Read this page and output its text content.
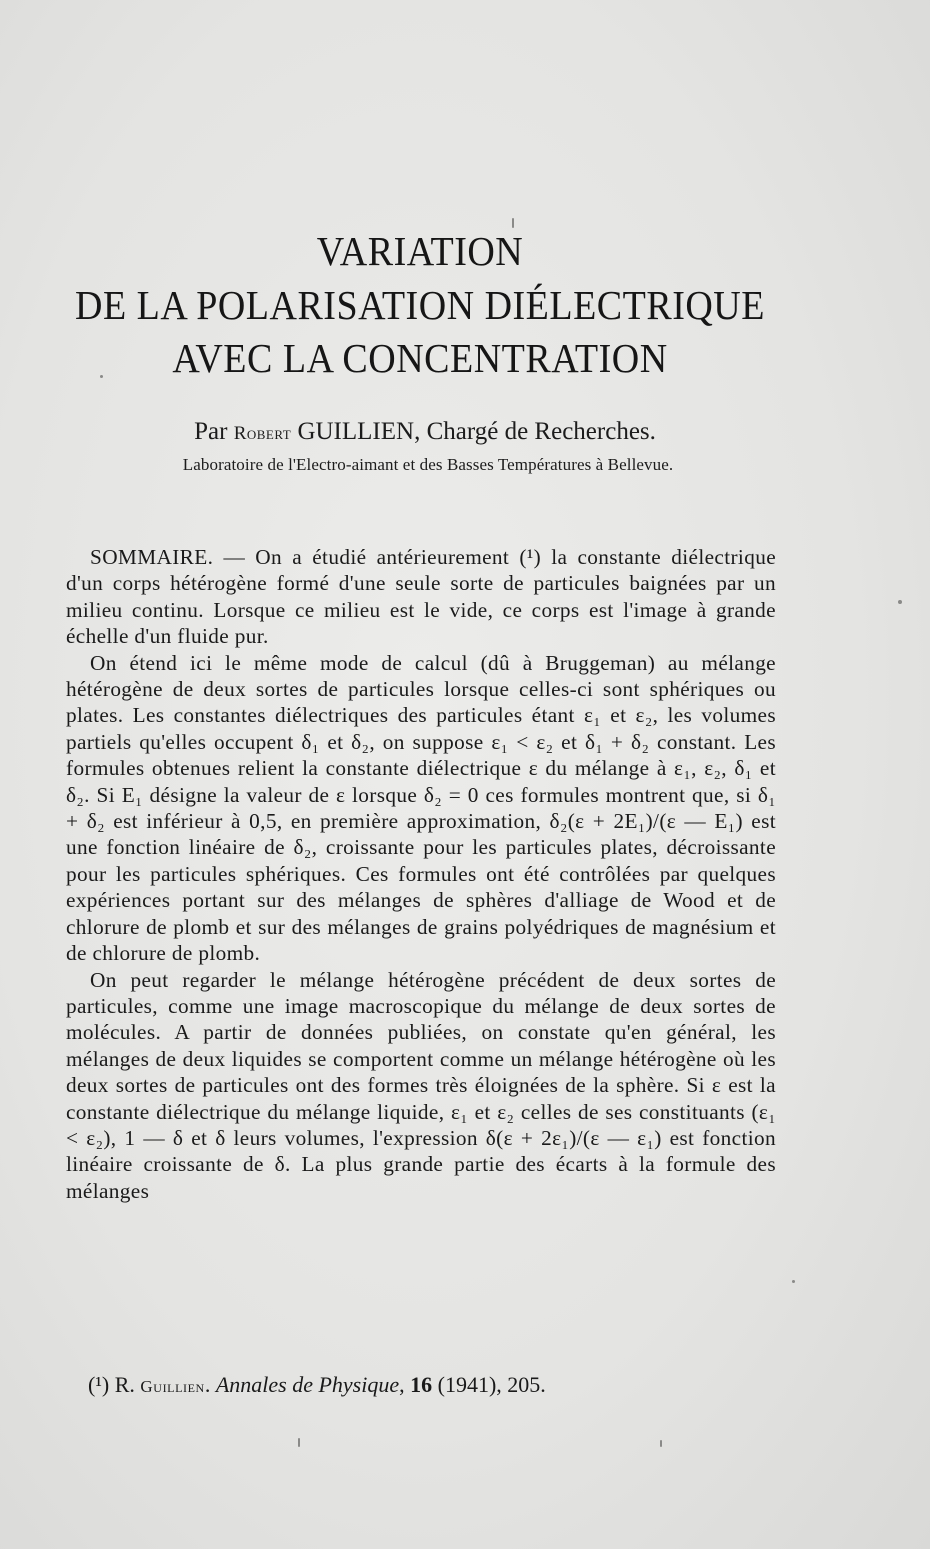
VARIATION
DE LA POLARISATION DIÉLECTRIQUE
AVEC LA CONCENTRATION
Par Robert GUILLIEN, Chargé de Recherches.
Laboratoire de l'Electro-aimant et des Basses Températures à Bellevue.

SOMMAIRE. — On a étudié antérieurement (¹) la constante diélectrique d'un corps hétérogène formé d'une seule sorte de particules baignées par un milieu continu. Lorsque ce milieu est le vide, ce corps est l'image à grande échelle d'un fluide pur.

On étend ici le même mode de calcul (dû à Bruggeman) au mélange hétérogène de deux sortes de particules lorsque celles-ci sont sphériques ou plates. Les constantes diélectriques des particules étant ε₁ et ε₂, les volumes partiels qu'elles occupent δ₁ et δ₂, on suppose ε₁ < ε₂ et δ₁ + δ₂ constant. Les formules obtenues relient la constante diélectrique ε du mélange à ε₁, ε₂, δ₁ et δ₂. Si E₁ désigne la valeur de ε lorsque δ₂ = 0 ces formules montrent que, si δ₁ + δ₂ est inférieur à 0,5, en première approximation, δ₂(ε + 2E₁)/(ε — E₁) est une fonction linéaire de δ₂, croissante pour les particules plates, décroissante pour les particules sphériques. Ces formules ont été contrôlées par quelques expériences portant sur des mélanges de sphères d'alliage de Wood et de chlorure de plomb et sur des mélanges de grains polyédriques de magnésium et de chlorure de plomb.

On peut regarder le mélange hétérogène précédent de deux sortes de particules, comme une image macroscopique du mélange de deux sortes de molécules. A partir de données publiées, on constate qu'en général, les mélanges de deux liquides se comportent comme un mélange hétérogène où les deux sortes de particules ont des formes très éloignées de la sphère. Si ε est la constante diélectrique du mélange liquide, ε₁ et ε₂ celles de ses constituants (ε₁ < ε₂), 1 — δ et δ leurs volumes, l'expression δ(ε + 2ε₁)/(ε — ε₁) est fonction linéaire croissante de δ. La plus grande partie des écarts à la formule des mélanges

(¹) R. Guillien. Annales de Physique, 16 (1941), 205.
